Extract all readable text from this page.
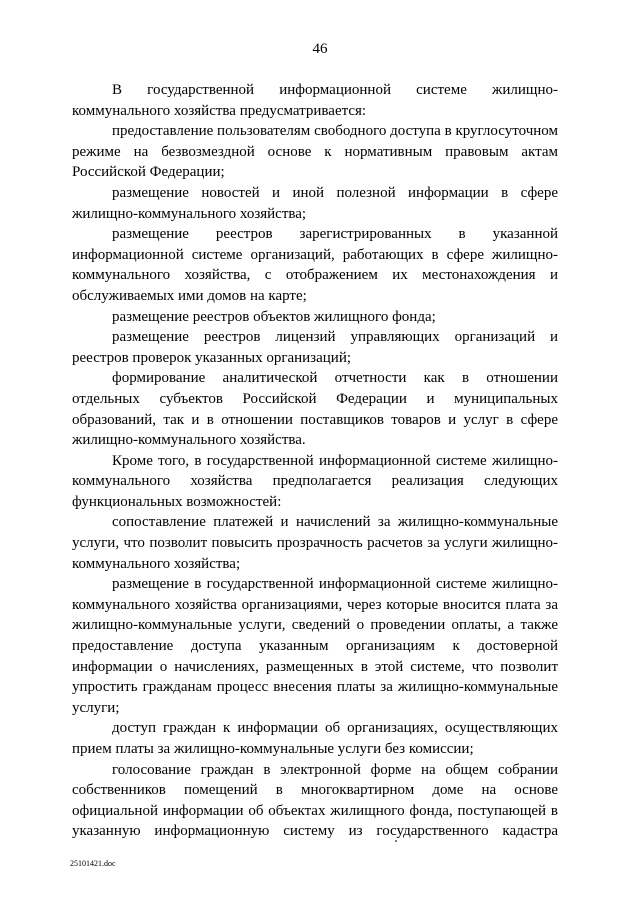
46

В государственной информационной системе жилищно-коммунального хозяйства предусматривается:

предоставление пользователям свободного доступа в круглосуточном режиме на безвозмездной основе к нормативным правовым актам Российской Федерации;

размещение новостей и иной полезной информации в сфере жилищно-коммунального хозяйства;

размещение реестров зарегистрированных в указанной информационной системе организаций, работающих в сфере жилищно-коммунального хозяйства, с отображением их местонахождения и обслуживаемых ими домов на карте;

размещение реестров объектов жилищного фонда;

размещение реестров лицензий управляющих организаций и реестров проверок указанных организаций;

формирование аналитической отчетности как в отношении отдельных субъектов Российской Федерации и муниципальных образований, так и в отношении поставщиков товаров и услуг в сфере жилищно-коммунального хозяйства.

Кроме того, в государственной информационной системе жилищно-коммунального хозяйства предполагается реализация следующих функциональных возможностей:

сопоставление платежей и начислений за жилищно-коммунальные услуги, что позволит повысить прозрачность расчетов за услуги жилищно-коммунального хозяйства;

размещение в государственной информационной системе жилищно-коммунального хозяйства организациями, через которые вносится плата за жилищно-коммунальные услуги, сведений о проведении оплаты, а также предоставление доступа указанным организациям к достоверной информации о начислениях, размещенных в этой системе, что позволит упростить гражданам процесс внесения платы за жилищно-коммунальные услуги;

доступ граждан к информации об организациях, осуществляющих прием платы за жилищно-коммунальные услуги без комиссии;

голосование граждан в электронной форме на общем собрании собственников помещений в многоквартирном доме на основе официальной информации об объектах жилищного фонда, поступающей в указанную информационную систему из государственного кадастра

25101421.doc
